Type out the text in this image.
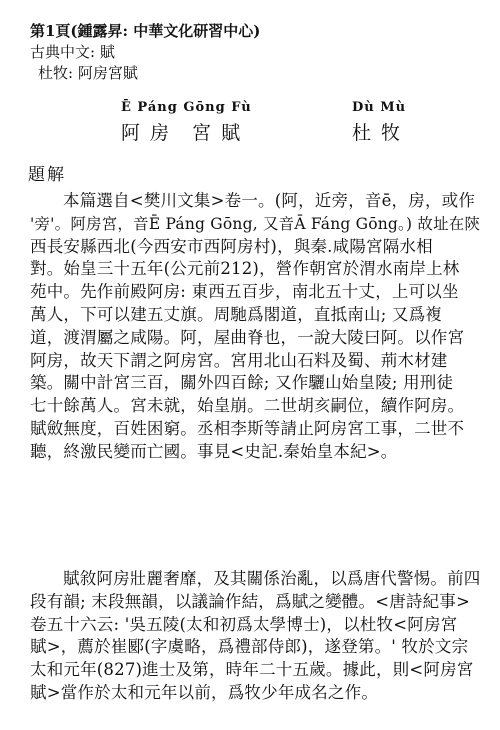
第1頁(鍾露昇: 中華文化研習中心)
古典中文: 賦
杜牧: 阿房宮賦
Ē Páng Gōng Fù
阿 房　宮 賦
Dù Mù
杜 牧
題解
本篇選自<樊川文集>卷一。(阿，近旁，音ē，房，或作
'旁'。阿房宮，音Ē Páng Gōng, 又音Ā Fáng Gōng。) 故址在陝
西長安縣西北(今西安市西阿房村)，與秦.咸陽宮隔水相
對。始皇三十五年(公元前212)，營作朝宮於渭水南岸上林
苑中。先作前殿阿房: 東西五百步，南北五十丈，上可以坐
萬人，下可以建五丈旗。周馳爲閣道，直抵南山; 又爲複
道，渡渭屬之咸陽。阿，屋曲脊也，一說大陵曰阿。以作宮
阿房，故天下謂之阿房宮。宮用北山石料及蜀、荊木材建
築。關中計宮三百，關外四百餘; 又作驪山始皇陵; 用刑徒
七十餘萬人。宮未就，始皇崩。二世胡亥嗣位，續作阿房。
賦斂無度，百姓困窮。丞相李斯等請止阿房宮工事，二世不
聽，終激民變而亡國。事見<史記.秦始皇本紀>。
賦敘阿房壯麗奢靡，及其關係治亂，以爲唐代警惕。前四
段有韻; 末段無韻，以議論作結，爲賦之變體。<唐詩紀事>
卷五十六云: '吳五陵(太和初爲太學博士)，以杜牧<阿房宮
賦>，薦於崔郾(字虞略，爲禮部侍郎)，遂登第。' 牧於文宗
太和元年(827)進士及第，時年二十五歲。據此，則<阿房宮
賦>當作於太和元年以前，爲牧少年成名之作。
